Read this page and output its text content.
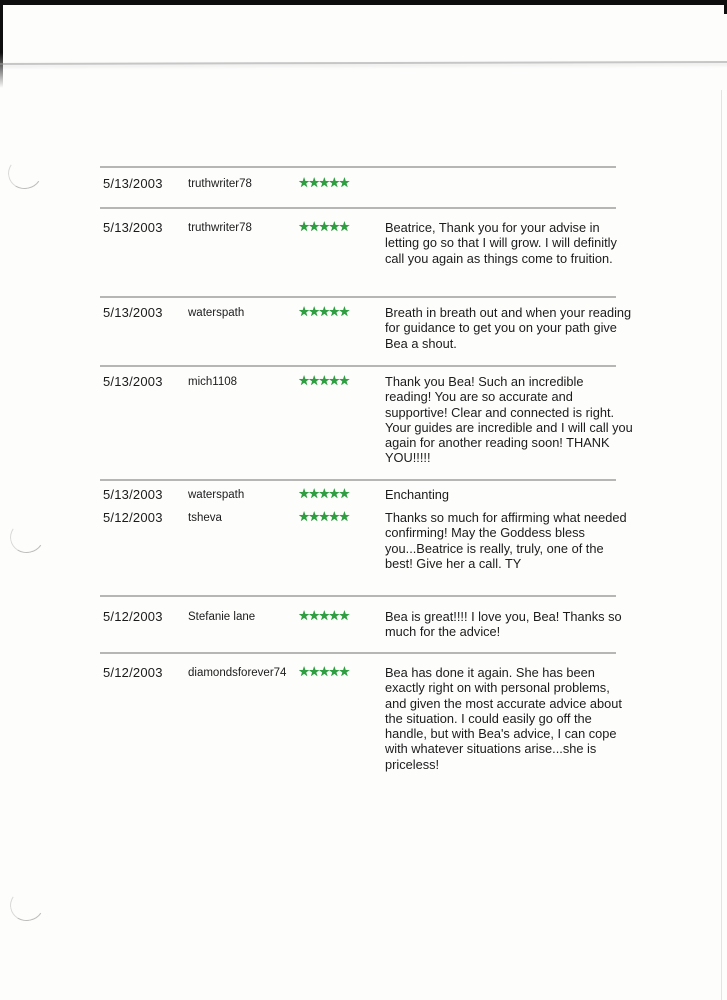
5/13/2003 truthwriter78	★★★★★
5/13/2003 truthwriter78	★★★★★	Beatrice, Thank you for your advise in letting go so that I will grow. I will definitly call you again as things come to fruition.
5/13/2003 waterspath	★★★★★	Breath in breath out and when your reading for guidance to get you on your path give Bea a shout.
5/13/2003 mich1108	★★★★★	Thank you Bea! Such an incredible reading! You are so accurate and supportive! Clear and connected is right. Your guides are incredible and I will call you again for another reading soon! THANK YOU!!!!!
5/13/2003 waterspath	★★★★★	Enchanting
5/12/2003 tsheva	★★★★★	Thanks so much for affirming what needed confirming! May the Goddess bless you...Beatrice is really, truly, one of the best! Give her a call. TY
5/12/2003 Stefanie lane	★★★★★	Bea is great!!!! I love you, Bea! Thanks so much for the advice!
5/12/2003 diamondsforever74 ★★★★★	Bea has done it again. She has been exactly right on with personal problems, and given the most accurate advice about the situation. I could easily go off the handle, but with Bea's advice, I can cope with whatever situations arise...she is priceless!
